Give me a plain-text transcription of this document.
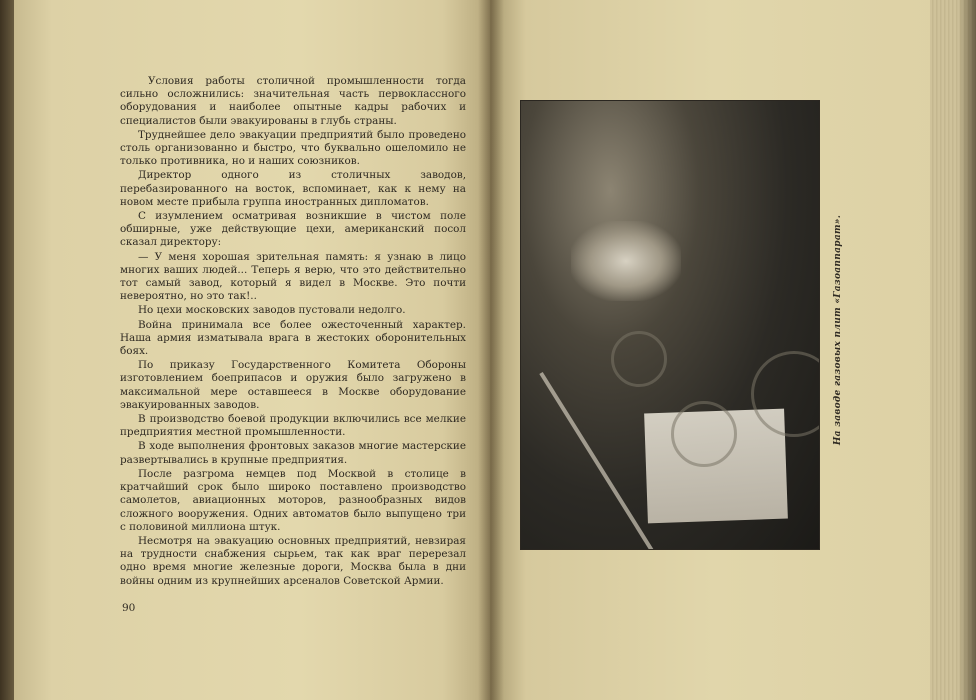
Условия работы столичной промышленности тогда сильно осложнились: значительная часть первоклассного оборудования и наиболее опытные кадры рабочих и специалистов были эвакуированы в глубь страны.

Труднейшее дело эвакуации предприятий было проведено столь организованно и быстро, что буквально ошеломило не только противника, но и наших союзников.

Директор одного из столичных заводов, перебазированного на восток, вспоминает, как к нему на новом месте прибыла группа иностранных дипломатов.

С изумлением осматривая возникшие в чистом поле обширные, уже действующие цехи, американский посол сказал директору:

— У меня хорошая зрительная память: я узнаю в лицо многих ваших людей... Теперь я верю, что это действительно тот самый завод, который я видел в Москве. Это почти невероятно, но это так!..

Но цехи московских заводов пустовали недолго.

Война принимала все более ожесточенный характер. Наша армия изматывала врага в жестоких оборонительных боях.

По приказу Государственного Комитета Обороны изготовлением боеприпасов и оружия было загружено в максимальной мере оставшееся в Москве оборудование эвакуированных заводов.

В производство боевой продукции включились все мелкие предприятия местной промышленности.

В ходе выполнения фронтовых заказов многие мастерские развертывались в крупные предприятия.

После разгрома немцев под Москвой в столице в кратчайший срок было широко поставлено производство самолетов, авиационных моторов, разнообразных видов сложного вооружения. Одних автоматов было выпущено три с половиной миллиона штук.

Несмотря на эвакуацию основных предприятий, невзирая на трудности снабжения сырьем, так как враг перерезал одно время многие железные дороги, Москва была в дни войны одним из крупнейших арсеналов Советской Армии.

90
На заводе газовых плит «Газоаппарат».
